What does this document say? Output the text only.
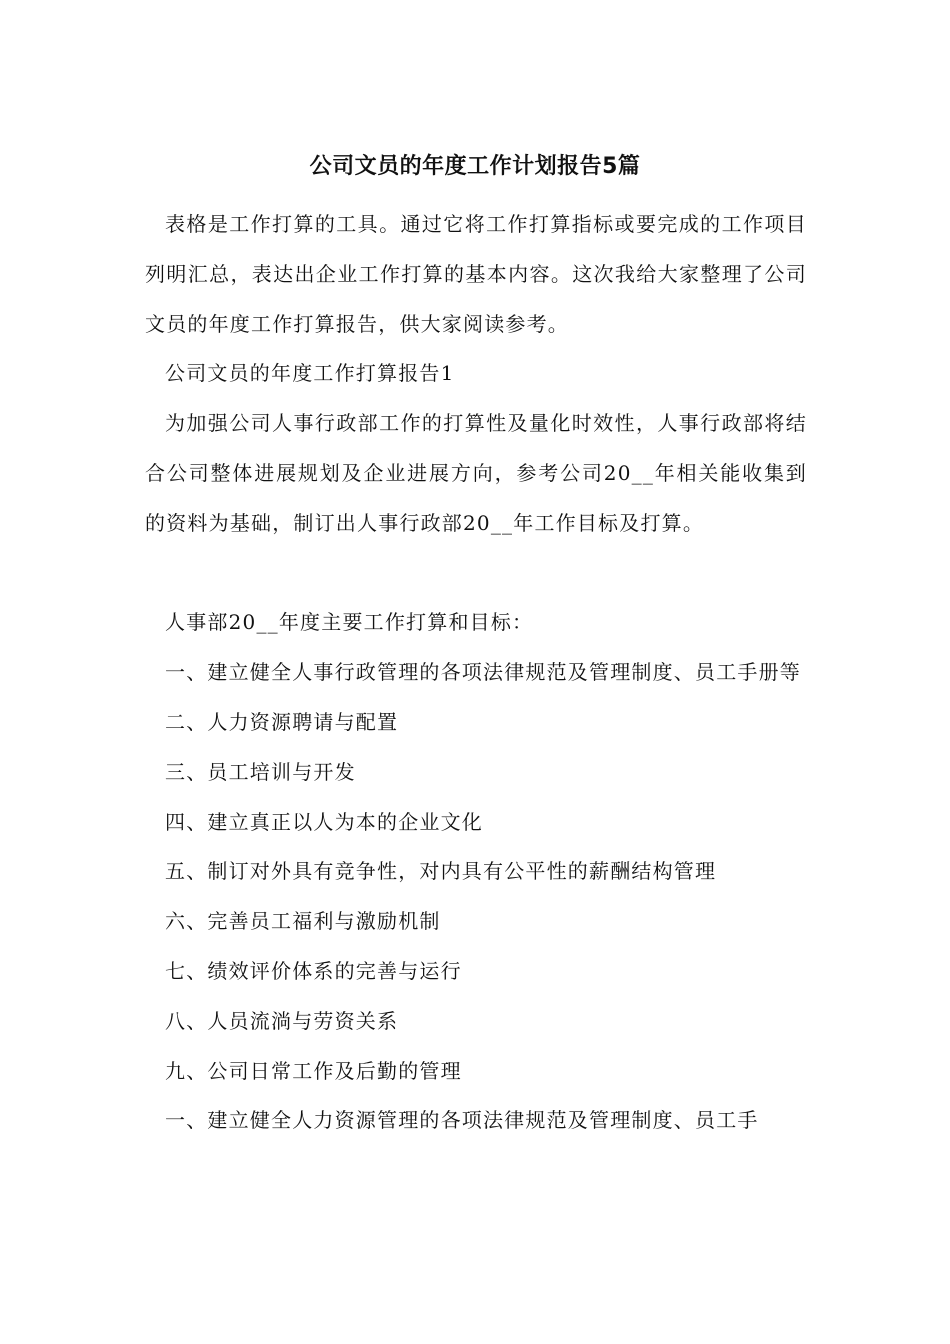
公司文员的年度工作计划报告5篇

表格是工作打算的工具。通过它将工作打算指标或要完成的工作项目列明汇总，表达出企业工作打算的基本内容。这次我给大家整理了公司文员的年度工作打算报告，供大家阅读参考。

公司文员的年度工作打算报告1

为加强公司人事行政部工作的打算性及量化时效性，人事行政部将结合公司整体进展规划及企业进展方向，参考公司20__年相关能收集到的资料为基础，制订出人事行政部20__年工作目标及打算。

人事部20__年度主要工作打算和目标：

一、建立健全人事行政管理的各项法律规范及管理制度、员工手册等

二、人力资源聘请与配置

三、员工培训与开发

四、建立真正以人为本的企业文化

五、制订对外具有竞争性，对内具有公平性的薪酬结构管理

六、完善员工福利与激励机制

七、绩效评价体系的完善与运行

八、人员流淌与劳资关系

九、公司日常工作及后勤的管理

一、建立健全人力资源管理的各项法律规范及管理制度、员工手
